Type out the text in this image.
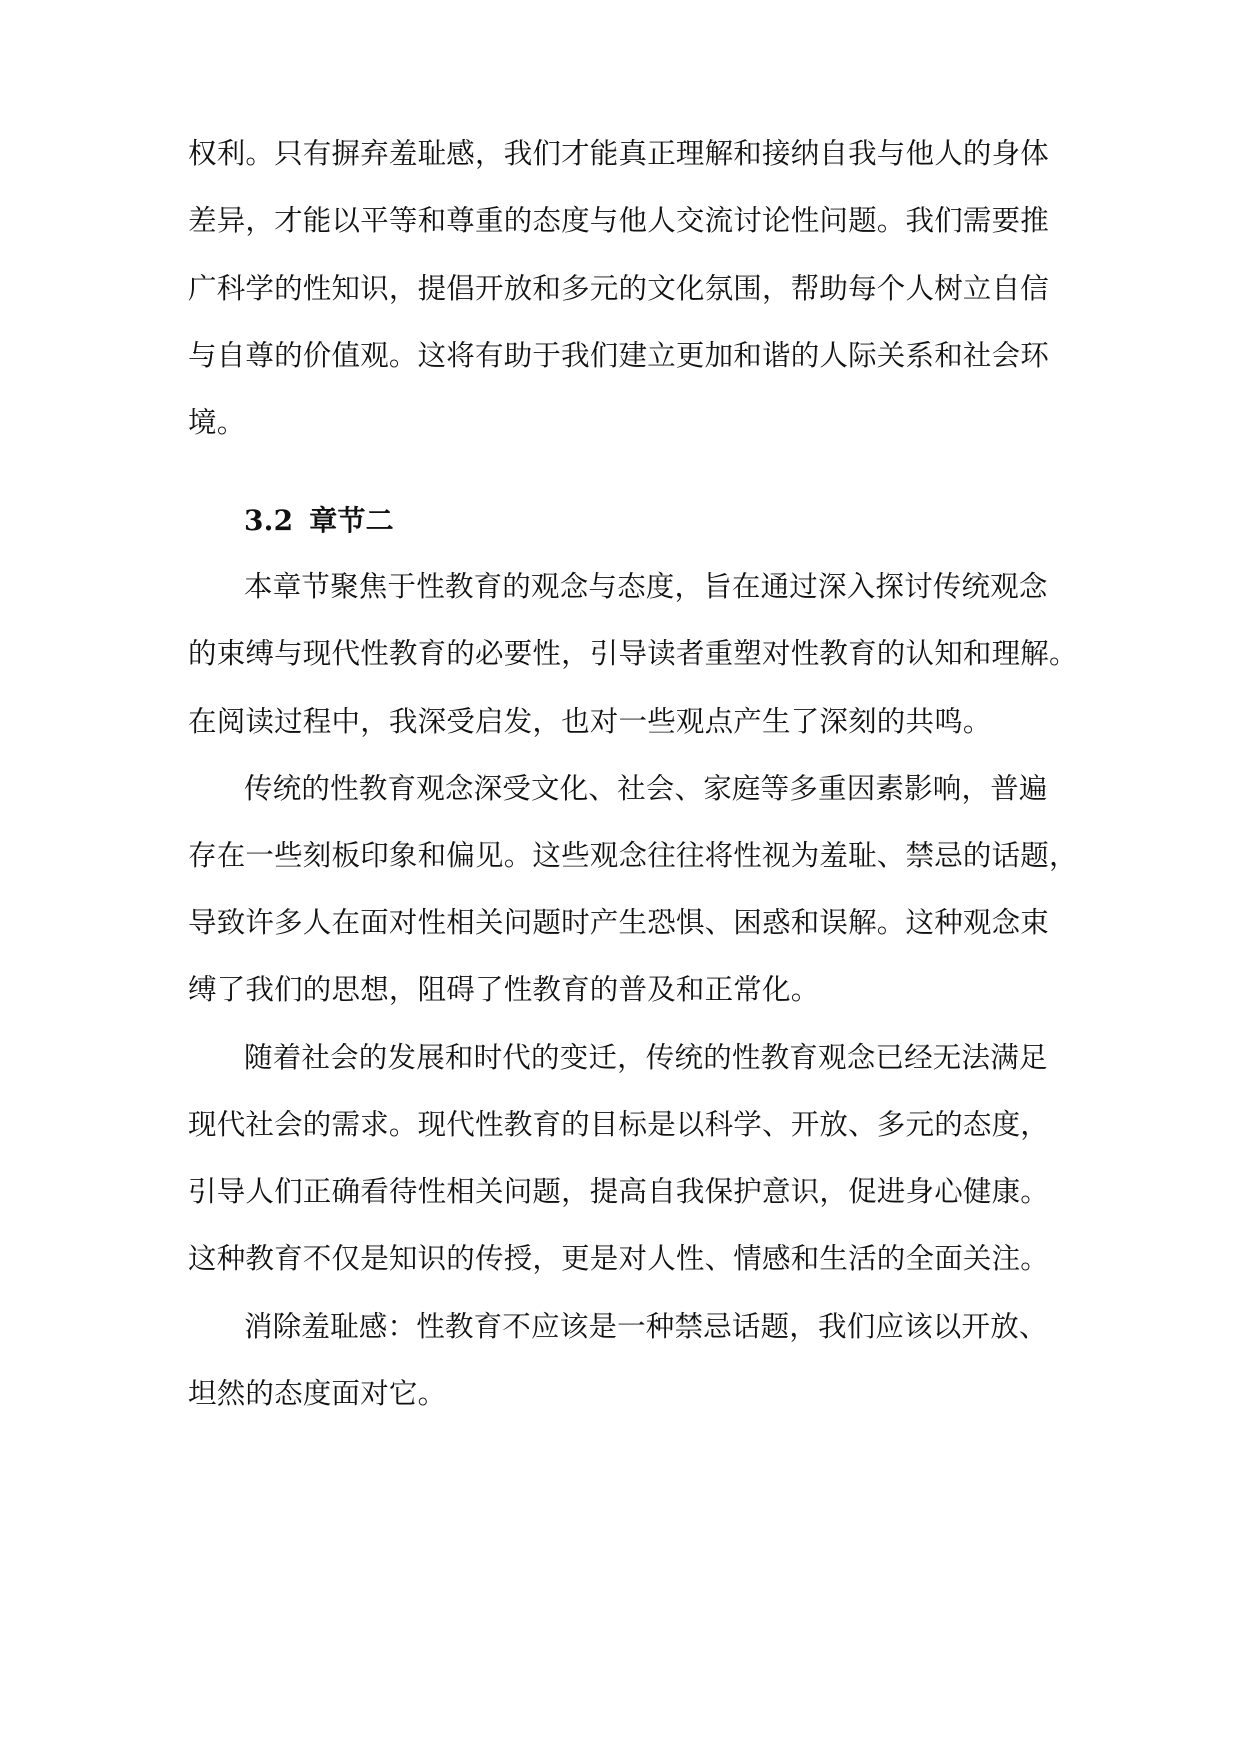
权利。只有摒弃羞耻感，我们才能真正理解和接纳自我与他人的身体
差异，才能以平等和尊重的态度与他人交流讨论性问题。我们需要推
广科学的性知识，提倡开放和多元的文化氛围，帮助每个人树立自信
与自尊的价值观。这将有助于我们建立更加和谐的人际关系和社会环
境。
3.2 章节二
本章节聚焦于性教育的观念与态度，旨在通过深入探讨传统观念
的束缚与现代性教育的必要性，引导读者重塑对性教育的认知和理解。
在阅读过程中，我深受启发，也对一些观点产生了深刻的共鸣。
传统的性教育观念深受文化、社会、家庭等多重因素影响，普遍
存在一些刻板印象和偏见。这些观念往往将性视为羞耻、禁忌的话题，
导致许多人在面对性相关问题时产生恐惧、困惑和误解。这种观念束
缚了我们的思想，阻碍了性教育的普及和正常化。
随着社会的发展和时代的变迁，传统的性教育观念已经无法满足
现代社会的需求。现代性教育的目标是以科学、开放、多元的态度，
引导人们正确看待性相关问题，提高自我保护意识，促进身心健康。
这种教育不仅是知识的传授，更是对人性、情感和生活的全面关注。
消除羞耻感：性教育不应该是一种禁忌话题，我们应该以开放、
坦然的态度面对它。
